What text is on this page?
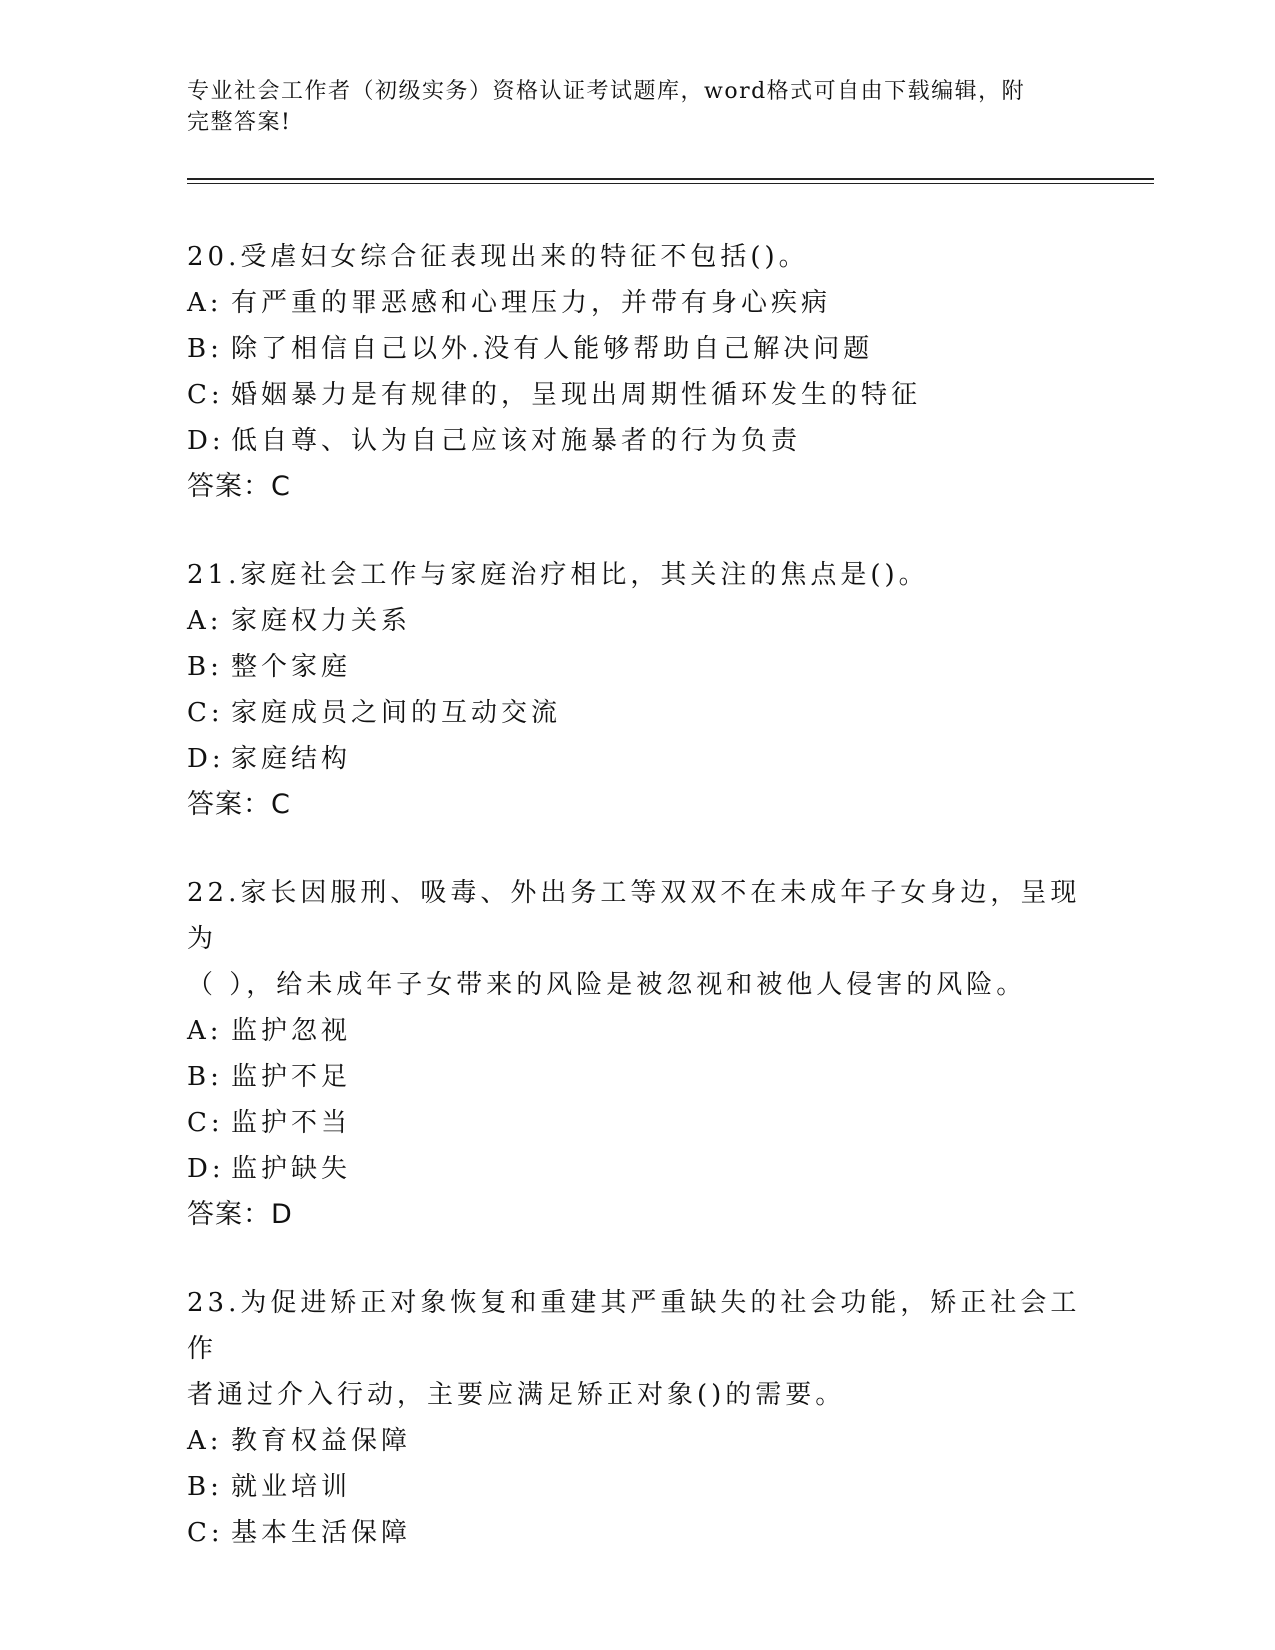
专业社会工作者（初级实务）资格认证考试题库，word格式可自由下载编辑，附
完整答案!

20.受虐妇女综合征表现出来的特征不包括()。

A: 有严重的罪恶感和心理压力，并带有身心疾病

B: 除了相信自己以外.没有人能够帮助自己解决问题

C: 婚姻暴力是有规律的，呈现出周期性循环发生的特征

D: 低自尊、认为自己应该对施暴者的行为负责

答案：C

21.家庭社会工作与家庭治疗相比，其关注的焦点是()。

A: 家庭权力关系

B: 整个家庭

C: 家庭成员之间的互动交流

D: 家庭结构

答案：C

22.家长因服刑、吸毒、外出务工等双双不在未成年子女身边，呈现为

（ ），给未成年子女带来的风险是被忽视和被他人侵害的风险。

A: 监护忽视

B: 监护不足

C: 监护不当

D: 监护缺失

答案：D

23.为促进矫正对象恢复和重建其严重缺失的社会功能，矫正社会工作

者通过介入行动，主要应满足矫正对象()的需要。

A: 教育权益保障

B: 就业培训

C: 基本生活保障
